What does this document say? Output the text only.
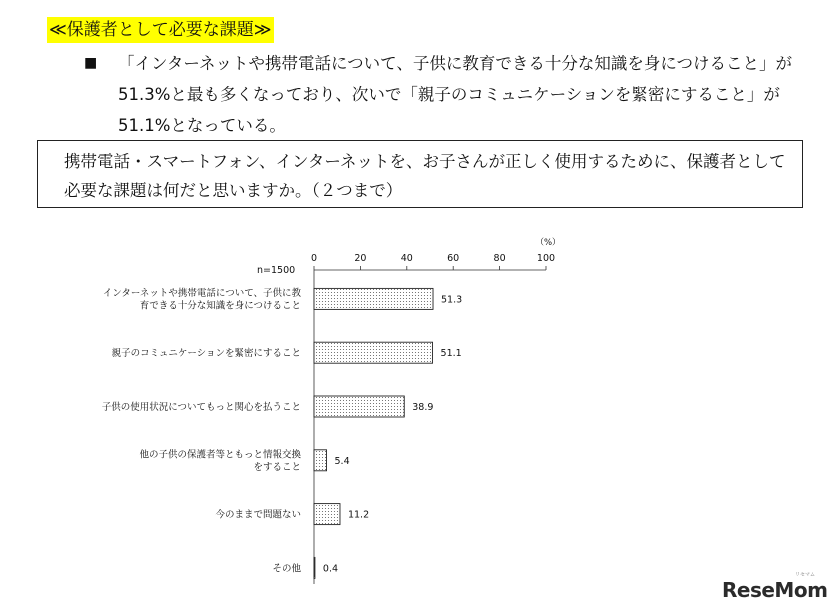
≪保護者として必要な課題≫
■ 「インターネットや携帯電話について、子供に教育できる十分な知識を身につけること」が51.3%と最も多くなっており、次いで「親子のコミュニケーションを緊密にすること」が51.1%となっている。
携帯電話・スマートフォン、インターネットを、お子さんが正しく使用するために、保護者として必要な課題は何だと思いますか。（２つまで）
0	20	40	60	80	100
（%）
n=1500
51.3
インターネットや携帯電話について、子供に教
育できる十分な知識を身につけること
51.1
親子のコミュニケーションを緊密にすること
38.9
子供の使用状況についてもっと関心を払うこと
5.4
他の子供の保護者等ともっと情報交換
をすること
11.2
今のままで問題ない
0.4
その他
ReseMom
リセマム
